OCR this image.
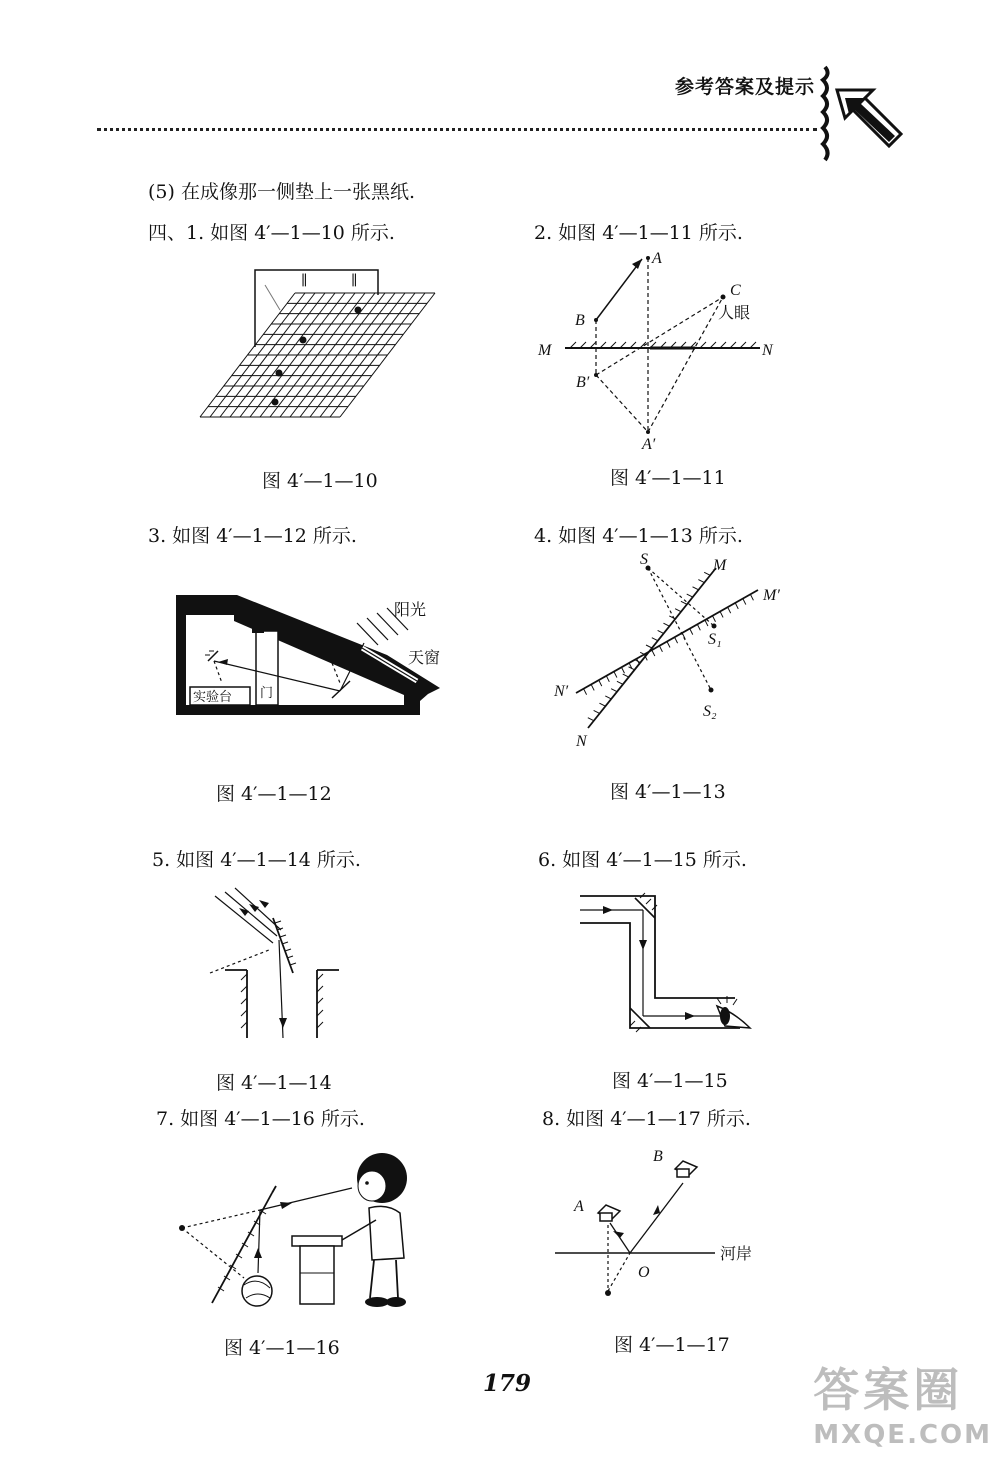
参考答案及提示
(5) 在成像那一侧垫上一张黑纸.
四、1. 如图 4′—1—10 所示.	2. 如图 4′—1—11 所示.
3. 如图 4′—1—12 所示.	4. 如图 4′—1—13 所示.
5. 如图 4′—1—14 所示.	6. 如图 4′—1—15 所示.
7. 如图 4′—1—16 所示.	8. 如图 4′—1—17 所示.
∥	∥
图 4′—1—10
A
B
C
人眼
M	N
B′
A′
图 4′—1—11
阳光
天窗
实验台 门
图 4′—1—12
S	M
M′
S₁
N′
S₂
N
图 4′—1—13
图 4′—1—14	图 4′—1—15
图 4′—1—16
A
B
O
河岸
图 4′—1—17
179	答案圈
MXQE.COM
